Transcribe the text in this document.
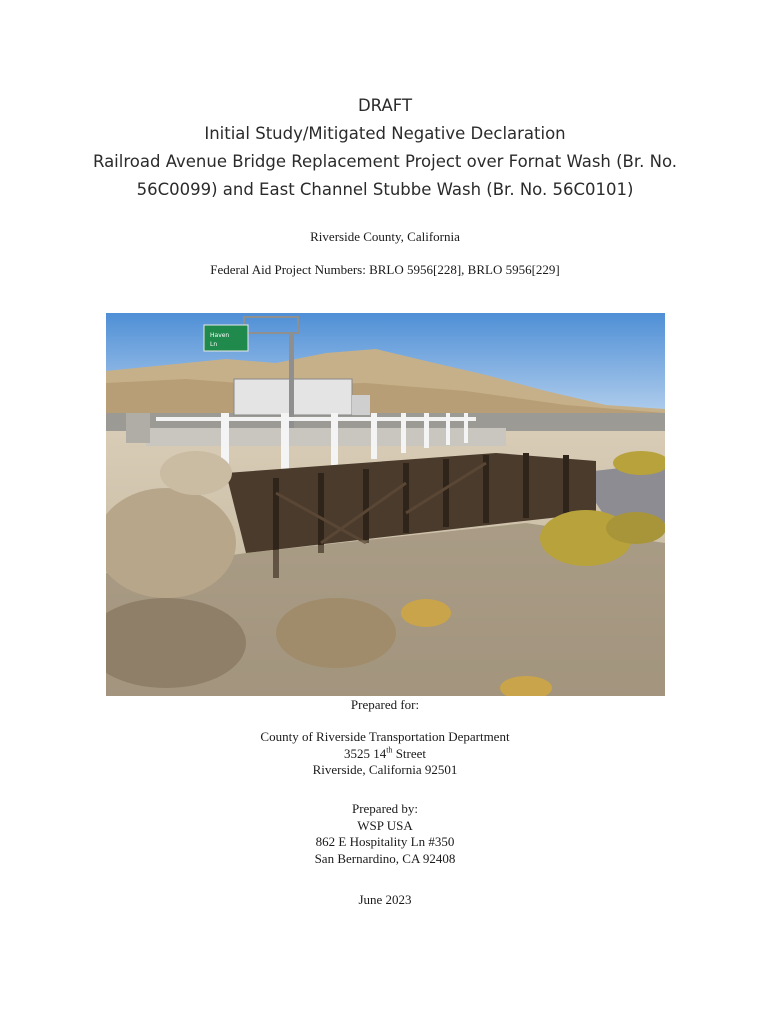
DRAFT
Initial Study/Mitigated Negative Declaration
Railroad Avenue Bridge Replacement Project over Fornat Wash (Br. No.
56C0099) and East Channel Stubbe Wash (Br. No. 56C0101)
Riverside County, California
Federal Aid Project Numbers: BRLO 5956[228], BRLO 5956[229]
Haven
Ln
Prepared for:
County of Riverside Transportation Department
3525 14th Street
Riverside, California 92501
Prepared by:
WSP USA
862 E Hospitality Ln #350
San Bernardino, CA 92408
June 2023
